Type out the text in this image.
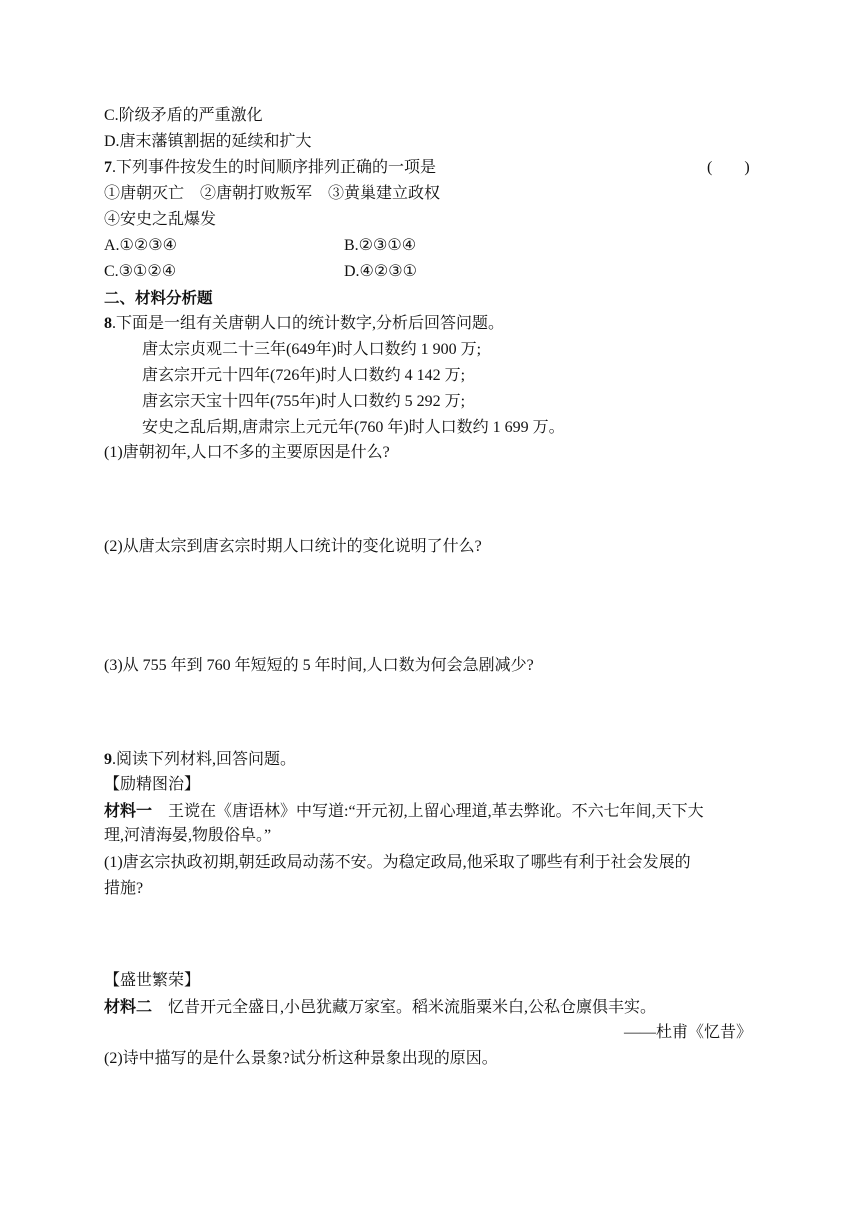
C.阶级矛盾的严重激化
D.唐末藩镇割据的延续和扩大
7.下列事件按发生的时间顺序排列正确的一项是	(　　)
①唐朝灭亡　②唐朝打败叛军　③黄巢建立政权
④安史之乱爆发
A.①②③④	B.②③①④
C.③①②④	D.④②③①
二、材料分析题
8.下面是一组有关唐朝人口的统计数字,分析后回答问题。
唐太宗贞观二十三年(649年)时人口数约 1 900 万;
唐玄宗开元十四年(726年)时人口数约 4 142 万;
唐玄宗天宝十四年(755年)时人口数约 5 292 万;
安史之乱后期,唐肃宗上元元年(760 年)时人口数约 1 699 万。
(1)唐朝初年,人口不多的主要原因是什么?
(2)从唐太宗到唐玄宗时期人口统计的变化说明了什么?
(3)从 755 年到 760 年短短的 5 年时间,人口数为何会急剧减少?
9.阅读下列材料,回答问题。
【励精图治】
材料一　王谠在《唐语林》中写道:“开元初,上留心理道,革去弊讹。不六七年间,天下大
理,河清海晏,物殷俗阜。”
(1)唐玄宗执政初期,朝廷政局动荡不安。为稳定政局,他采取了哪些有利于社会发展的
措施?
【盛世繁荣】
材料二　忆昔开元全盛日,小邑犹藏万家室。稻米流脂粟米白,公私仓廪俱丰实。
——杜甫《忆昔》
(2)诗中描写的是什么景象?试分析这种景象出现的原因。
